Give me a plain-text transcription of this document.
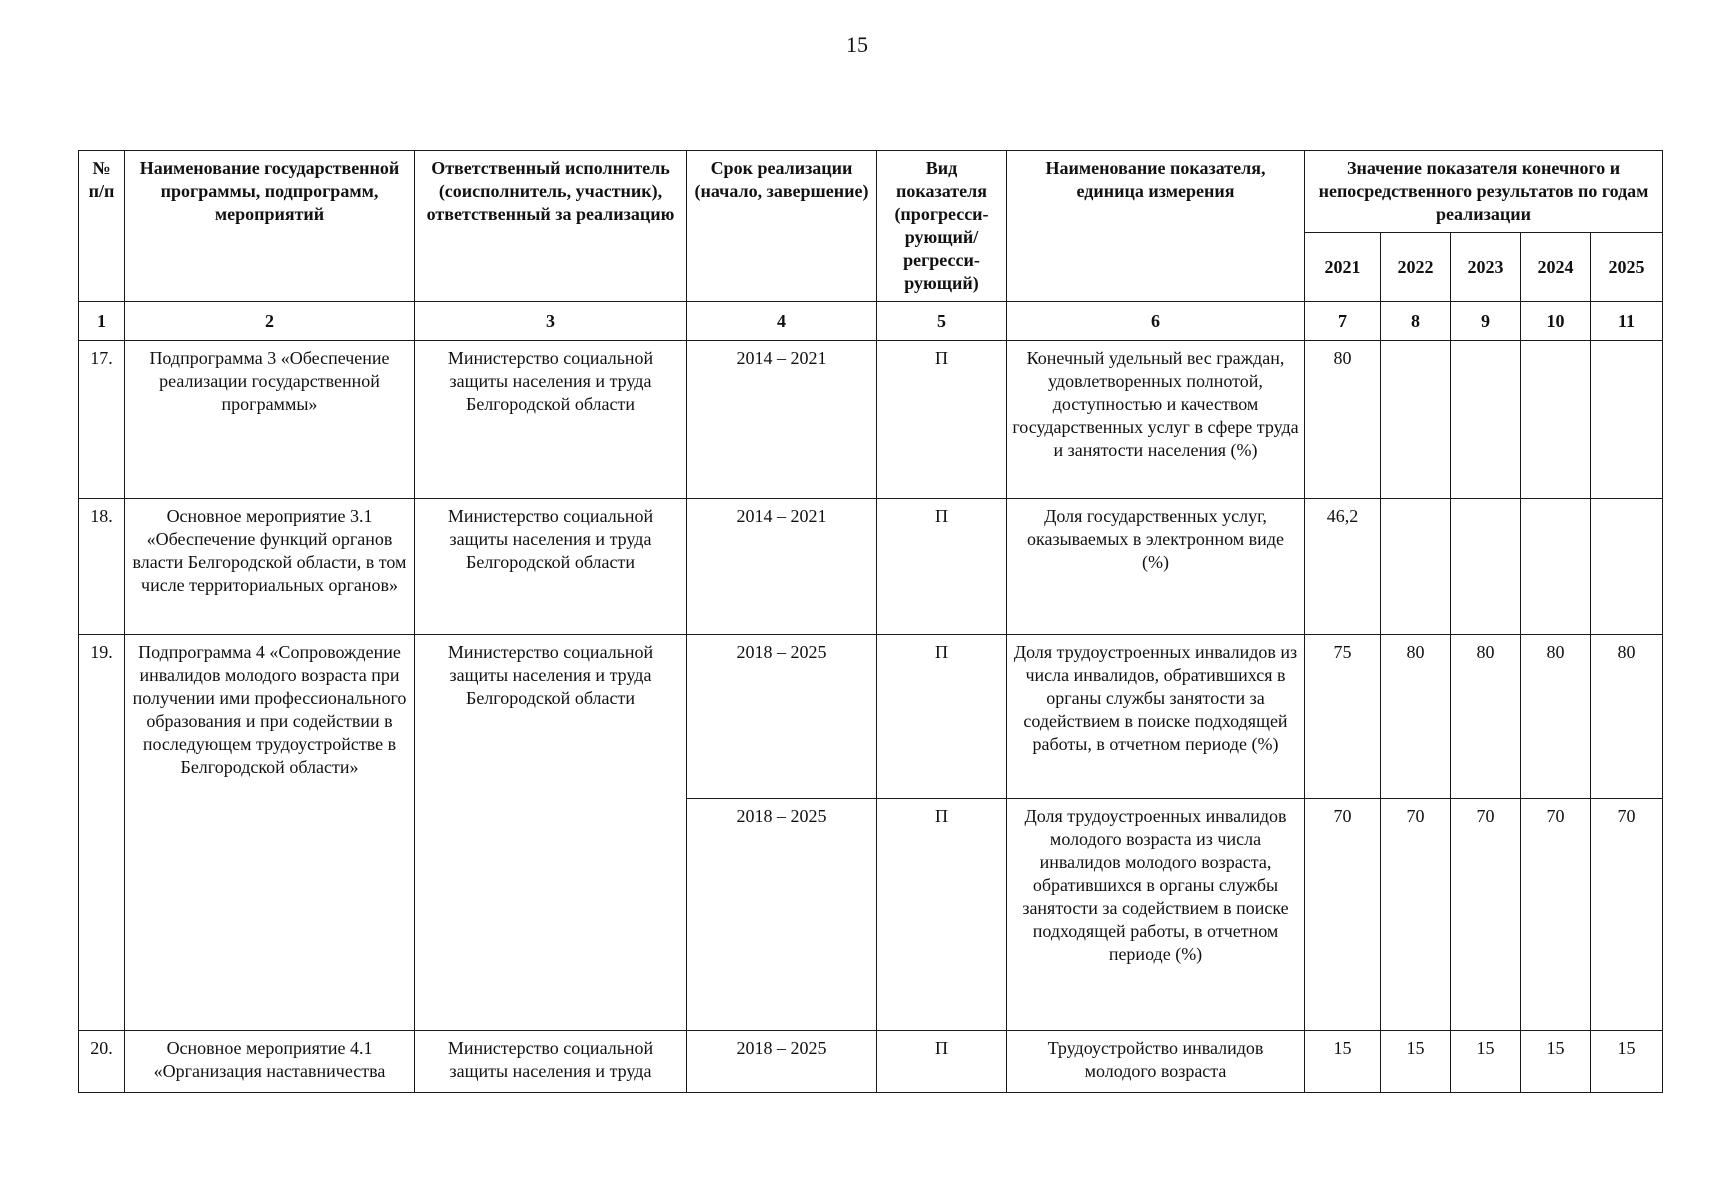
15
№ п/п	Наименование государственной программы, подпрограмм, мероприятий	Ответственный исполнитель (соисполнитель, участник), ответственный за реализацию	Срок реализации (начало, завершение)	Вид показателя (прогресси-рующий/ регресси-рующий)	Наименование показателя, единица измерения	Значение показателя конечного и непосредственного результатов по годам реализации				
						2021	2022	2023	2024	2025
1	2	3	4	5	6	7	8	9	10	11
17.	Подпрограмма 3 «Обеспечение реализации государственной программы»	Министерство социальной защиты населения и труда Белгородской области	2014 – 2021	П	Конечный удельный вес граждан, удовлетворенных полнотой, доступностью и качеством государственных услуг в сфере труда и занятости населения (%)	80				
18.	Основное мероприятие 3.1 «Обеспечение функций органов власти Белгородской области, в том числе территориальных органов»	Министерство социальной защиты населения и труда Белгородской области	2014 – 2021	П	Доля государственных услуг, оказываемых в электронном виде (%)	46,2				
19.	Подпрограмма 4 «Сопровождение инвалидов молодого возраста при получении ими профессионального образования и при содействии в последующем трудоустройстве в Белгородской области»	Министерство социальной защиты населения и труда Белгородской области	2018 – 2025	П	Доля трудоустроенных инвалидов из числа инвалидов, обратившихся в органы службы занятости за содействием в поиске подходящей работы, в отчетном периоде (%)	75	80	80	80	80
			2018 – 2025	П	Доля трудоустроенных инвалидов молодого возраста из числа инвалидов молодого возраста, обратившихся в органы службы занятости за содействием в поиске подходящей работы, в отчетном периоде (%)	70	70	70	70	70
20.	Основное мероприятие 4.1 «Организация наставничества	Министерство социальной защиты населения и труда	2018 – 2025	П	Трудоустройство инвалидов молодого возраста	15	15	15	15	15
